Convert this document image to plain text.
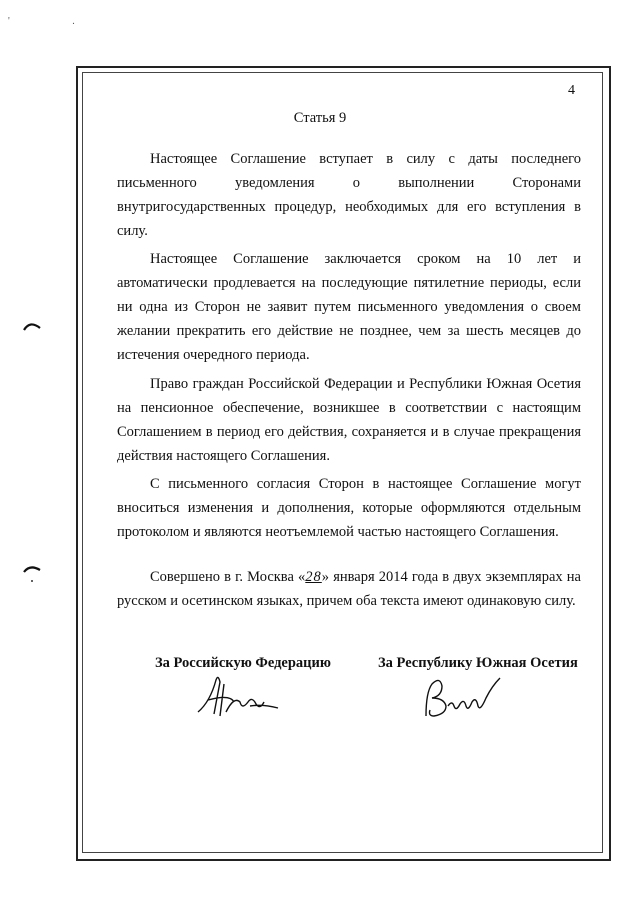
' .
4
Статья 9

Настоящее Соглашение вступает в силу с даты последнего письменного уведомления о выполнении Сторонами внутригосударственных процедур, необходимых для его вступления в силу.

Настоящее Соглашение заключается сроком на 10 лет и автоматически продлевается на последующие пятилетние периоды, если ни одна из Сторон не заявит путем письменного уведомления о своем желании прекратить его действие не позднее, чем за шесть месяцев до истечения очередного периода.

Право граждан Российской Федерации и Республики Южная Осетия на пенсионное обеспечение, возникшее в соответствии с настоящим Соглашением в период его действия, сохраняется и в случае прекращения действия настоящего Соглашения.

С письменного согласия Сторон в настоящее Соглашение могут вноситься изменения и дополнения, которые оформляются отдельным протоколом и являются неотъемлемой частью настоящего Соглашения.

Совершено в г. Москва «28» января 2014 года в двух экземплярах на русском и осетинском языках, причем оба текста имеют одинаковую силу.

За Российскую Федерацию	За Республику Южная Осетия
